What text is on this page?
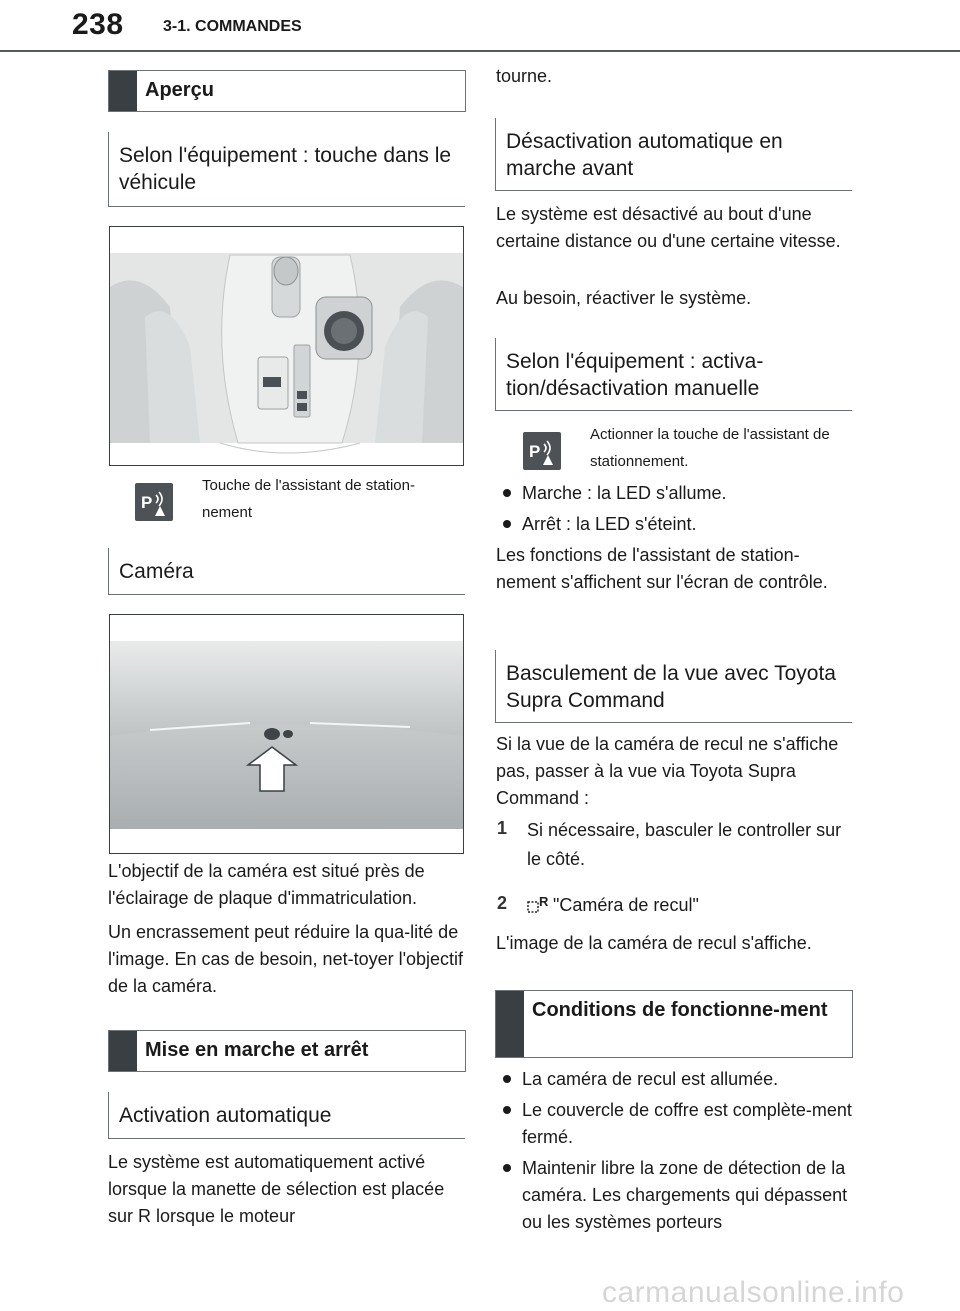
238 3-1. COMMANDES
Aperçu
Selon l'équipement : touche dans le véhicule
P
Touche de l'assistant de station-nement
Caméra
L'objectif de la caméra est situé près de l'éclairage de plaque d'immatriculation.
Un encrassement peut réduire la qua-lité de l'image. En cas de besoin, net-toyer l'objectif de la caméra.
Mise en marche et arrêt
Activation automatique
Le système est automatiquement activé lorsque la manette de sélection est placée sur R lorsque le moteur
tourne.
Désactivation automatique en marche avant
Le système est désactivé au bout d'une certaine distance ou d'une certaine vitesse.
Au besoin, réactiver le système.
Selon l'équipement : activa-tion/désactivation manuelle
P
Actionner la touche de l'assistant de stationnement.
Marche : la LED s'allume.
Arrêt : la LED s'éteint.
Les fonctions de l'assistant de station-nement s'affichent sur l'écran de contrôle.
Basculement de la vue avec Toyota Supra Command
Si la vue de la caméra de recul ne s'affiche pas, passer à la vue via Toyota Supra Command :
1 Si nécessaire, basculer le controller sur le côté.
2 R "Caméra de recul"
L'image de la caméra de recul s'affiche.
Conditions de fonctionne-ment
La caméra de recul est allumée.
Le couvercle de coffre est complète-ment fermé.
Maintenir libre la zone de détection de la caméra. Les chargements qui dépassent ou les systèmes porteurs
carmanualsonline.info
